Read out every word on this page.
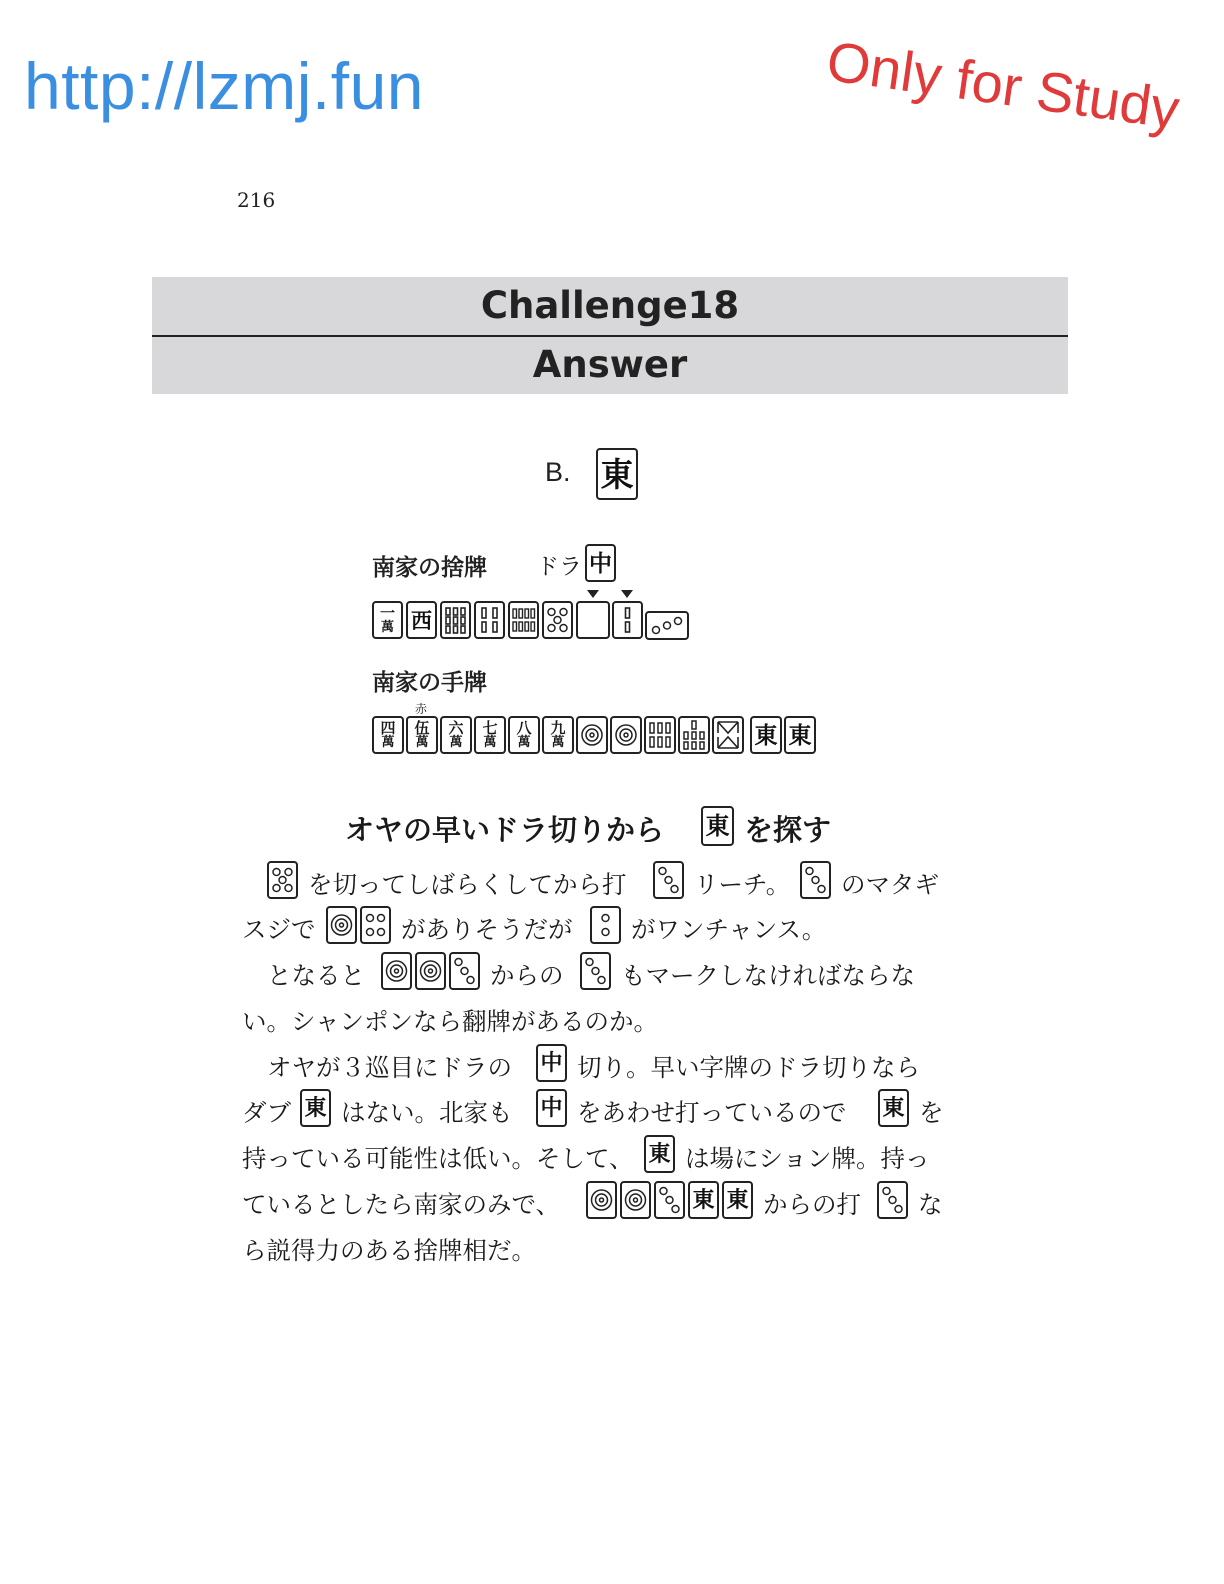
http://lzmj.fun	Only for Study
216
Challenge18
Answer
B. 東
南家の捨牌 ドラ 中
一
萬 西
南家の手牌
赤
四
萬
伍
萬
六
萬
七
萬
八
萬
九
萬	東 東
オヤの早いドラ切りから 東 を探す
を切ってしばらくしてから打	リーチ。 のマタギ
スジで	がありそうだが がワンチャンス。
となると	からの もマークしなければならな
い。シャンポンなら翻牌があるのか。
オヤが３巡目にドラの 中 切り。早い字牌のドラ切りなら
ダブ 東 はない。北家も 中 をあわせ打っているので 東 を
持っている可能性は低い。そして、 東 は場にション牌。持っ
ているとしたら南家のみで、	東 東 からの打 な
ら説得力のある捨牌相だ。
